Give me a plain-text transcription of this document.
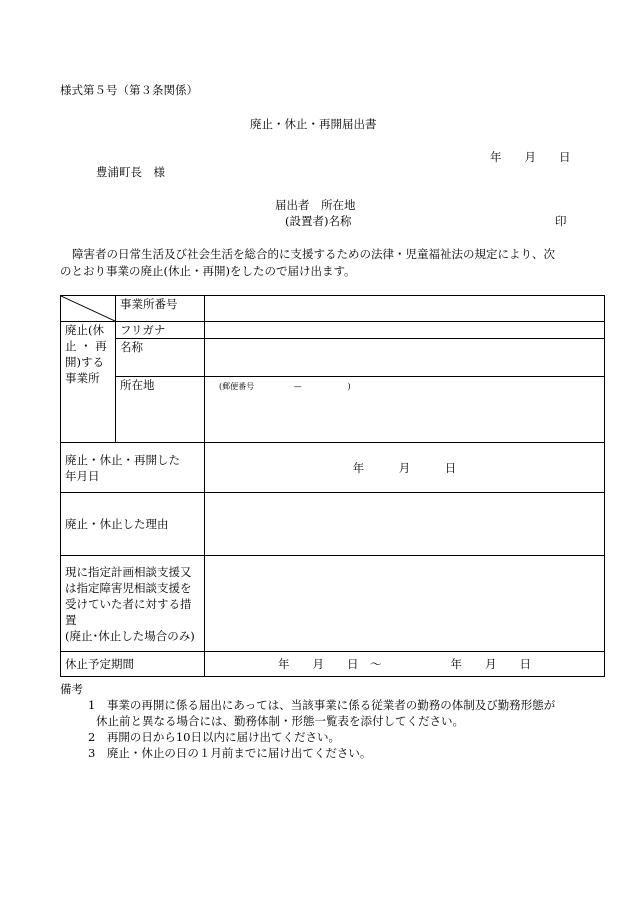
様式第５号（第３条関係）
廃止・休止・再開届出書
年　　月　　日
豊浦町長　様
届出者　所在地
(設置者)名称	印
障害者の日常生活及び社会生活を総合的に支援するための法律・児童福祉法の規定により、次
のとおり事業の廃止(休止・再開)をしたので届け出ます。
	事業所番号	

廃止(休
止 ・ 再
開)する
事業所	フリガナ	
	名称	
	所在地	(郵便番号 — )

廃止・休止・再開した
年月日		年　　　月　　　日
廃止・休止した理由		

現に指定計画相談支援又
は指定障害児相談支援を
受けていた者に対する措
置
(廃止･休止した場合のみ)		

休止予定期間		年　　月　　日　～　　　　　　年　　月　　日
備考
1　事業の再開に係る届出にあっては、当該事業に係る従業者の勤務の体制及び勤務形態が
休止前と異なる場合には、勤務体制・形態一覧表を添付してください。
2　再開の日から10日以内に届け出てください。
3　廃止・休止の日の１月前までに届け出てください。
